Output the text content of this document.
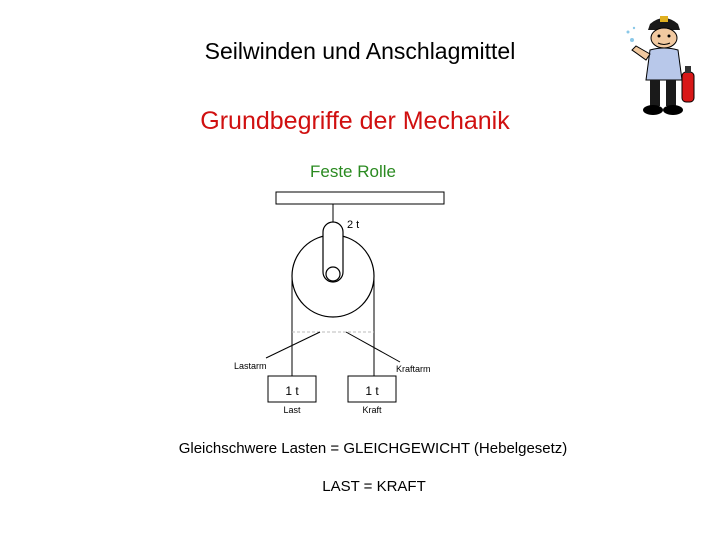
Seilwinden und Anschlagmittel
Grundbegriffe der Mechanik
Feste Rolle
2 t
Lastarm	Kraftarm
1 t	1 t
Last	Kraft
Gleichschwere Lasten = GLEICHGEWICHT (Hebelgesetz)
LAST = KRAFT
